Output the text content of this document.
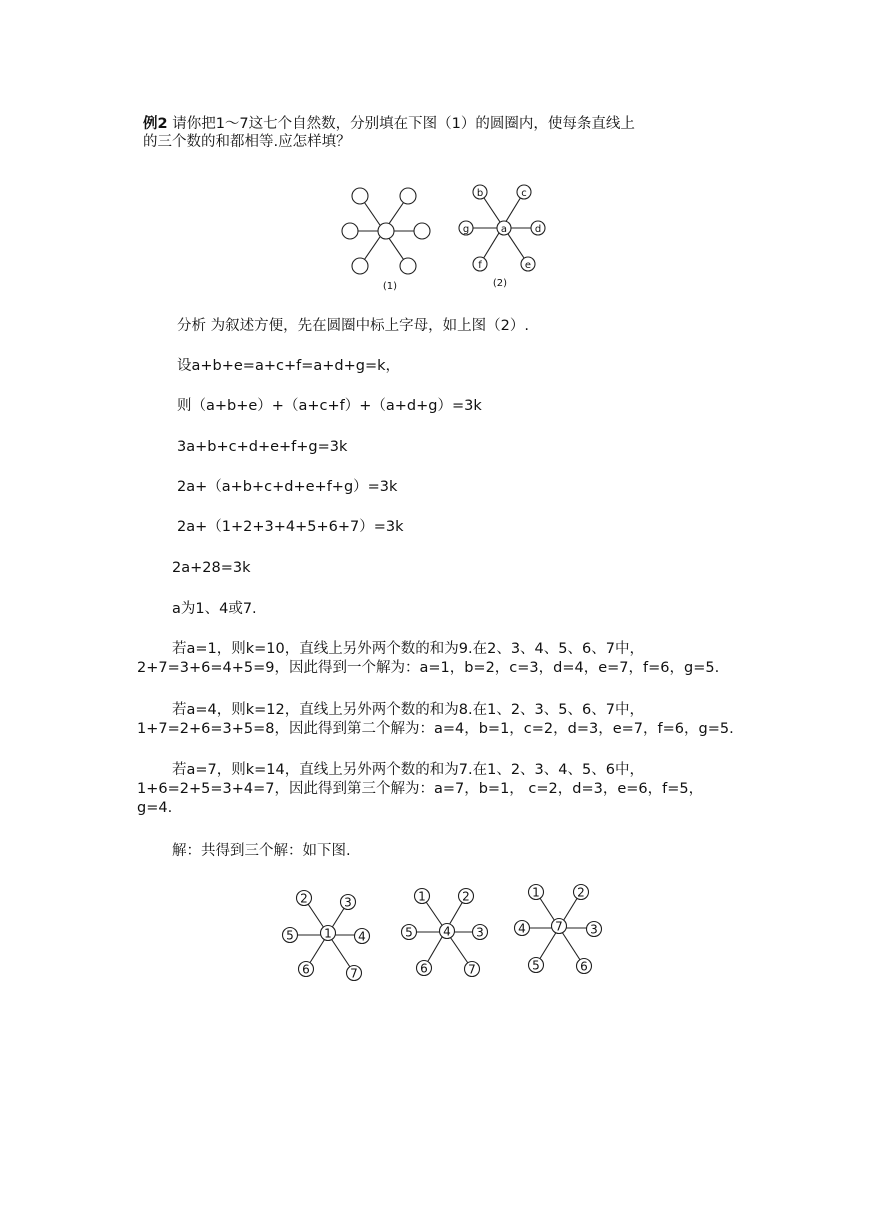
例2 请你把1～7这七个自然数，分别填在下图（1）的圆圈内，使每条直线上
的三个数的和都相等.应怎样填？
(1)
a
b	c
d
e
f
g
(2)
分析 为叙述方便，先在圆圈中标上字母，如上图（2）.
设a+b+e=a+c+f=a+d+g=k，
则（a+b+e）+（a+c+f）+（a+d+g）=3k
3a+b+c+d+e+f+g=3k
2a+（a+b+c+d+e+f+g）=3k
2a+（1+2+3+4+5+6+7）=3k
2a+28=3k
a为1、4或7.
若a=1，则k=10，直线上另外两个数的和为9.在2、3、4、5、6、7中，
2+7=3+6=4+5=9，因此得到一个解为：a=1，b=2，c=3，d=4，e=7，f=6，g=5.
若a=4，则k=12，直线上另外两个数的和为8.在1、2、3、5、6、7中，
1+7=2+6=3+5=8，因此得到第二个解为：a=4，b=1，c=2，d=3，e=7，f=6，g=5.
若a=7，则k=14，直线上另外两个数的和为7.在1、2、3、4、5、6中，
1+6=2+5=3+4=7，因此得到第三个解为：a=7，b=1， c=2，d=3，e=6，f=5，
g=4.
解：共得到三个解：如下图.
1
2	3
4
7
6
5	4
1	2
3
7
6
5	7
1	2
3
6
5
4
